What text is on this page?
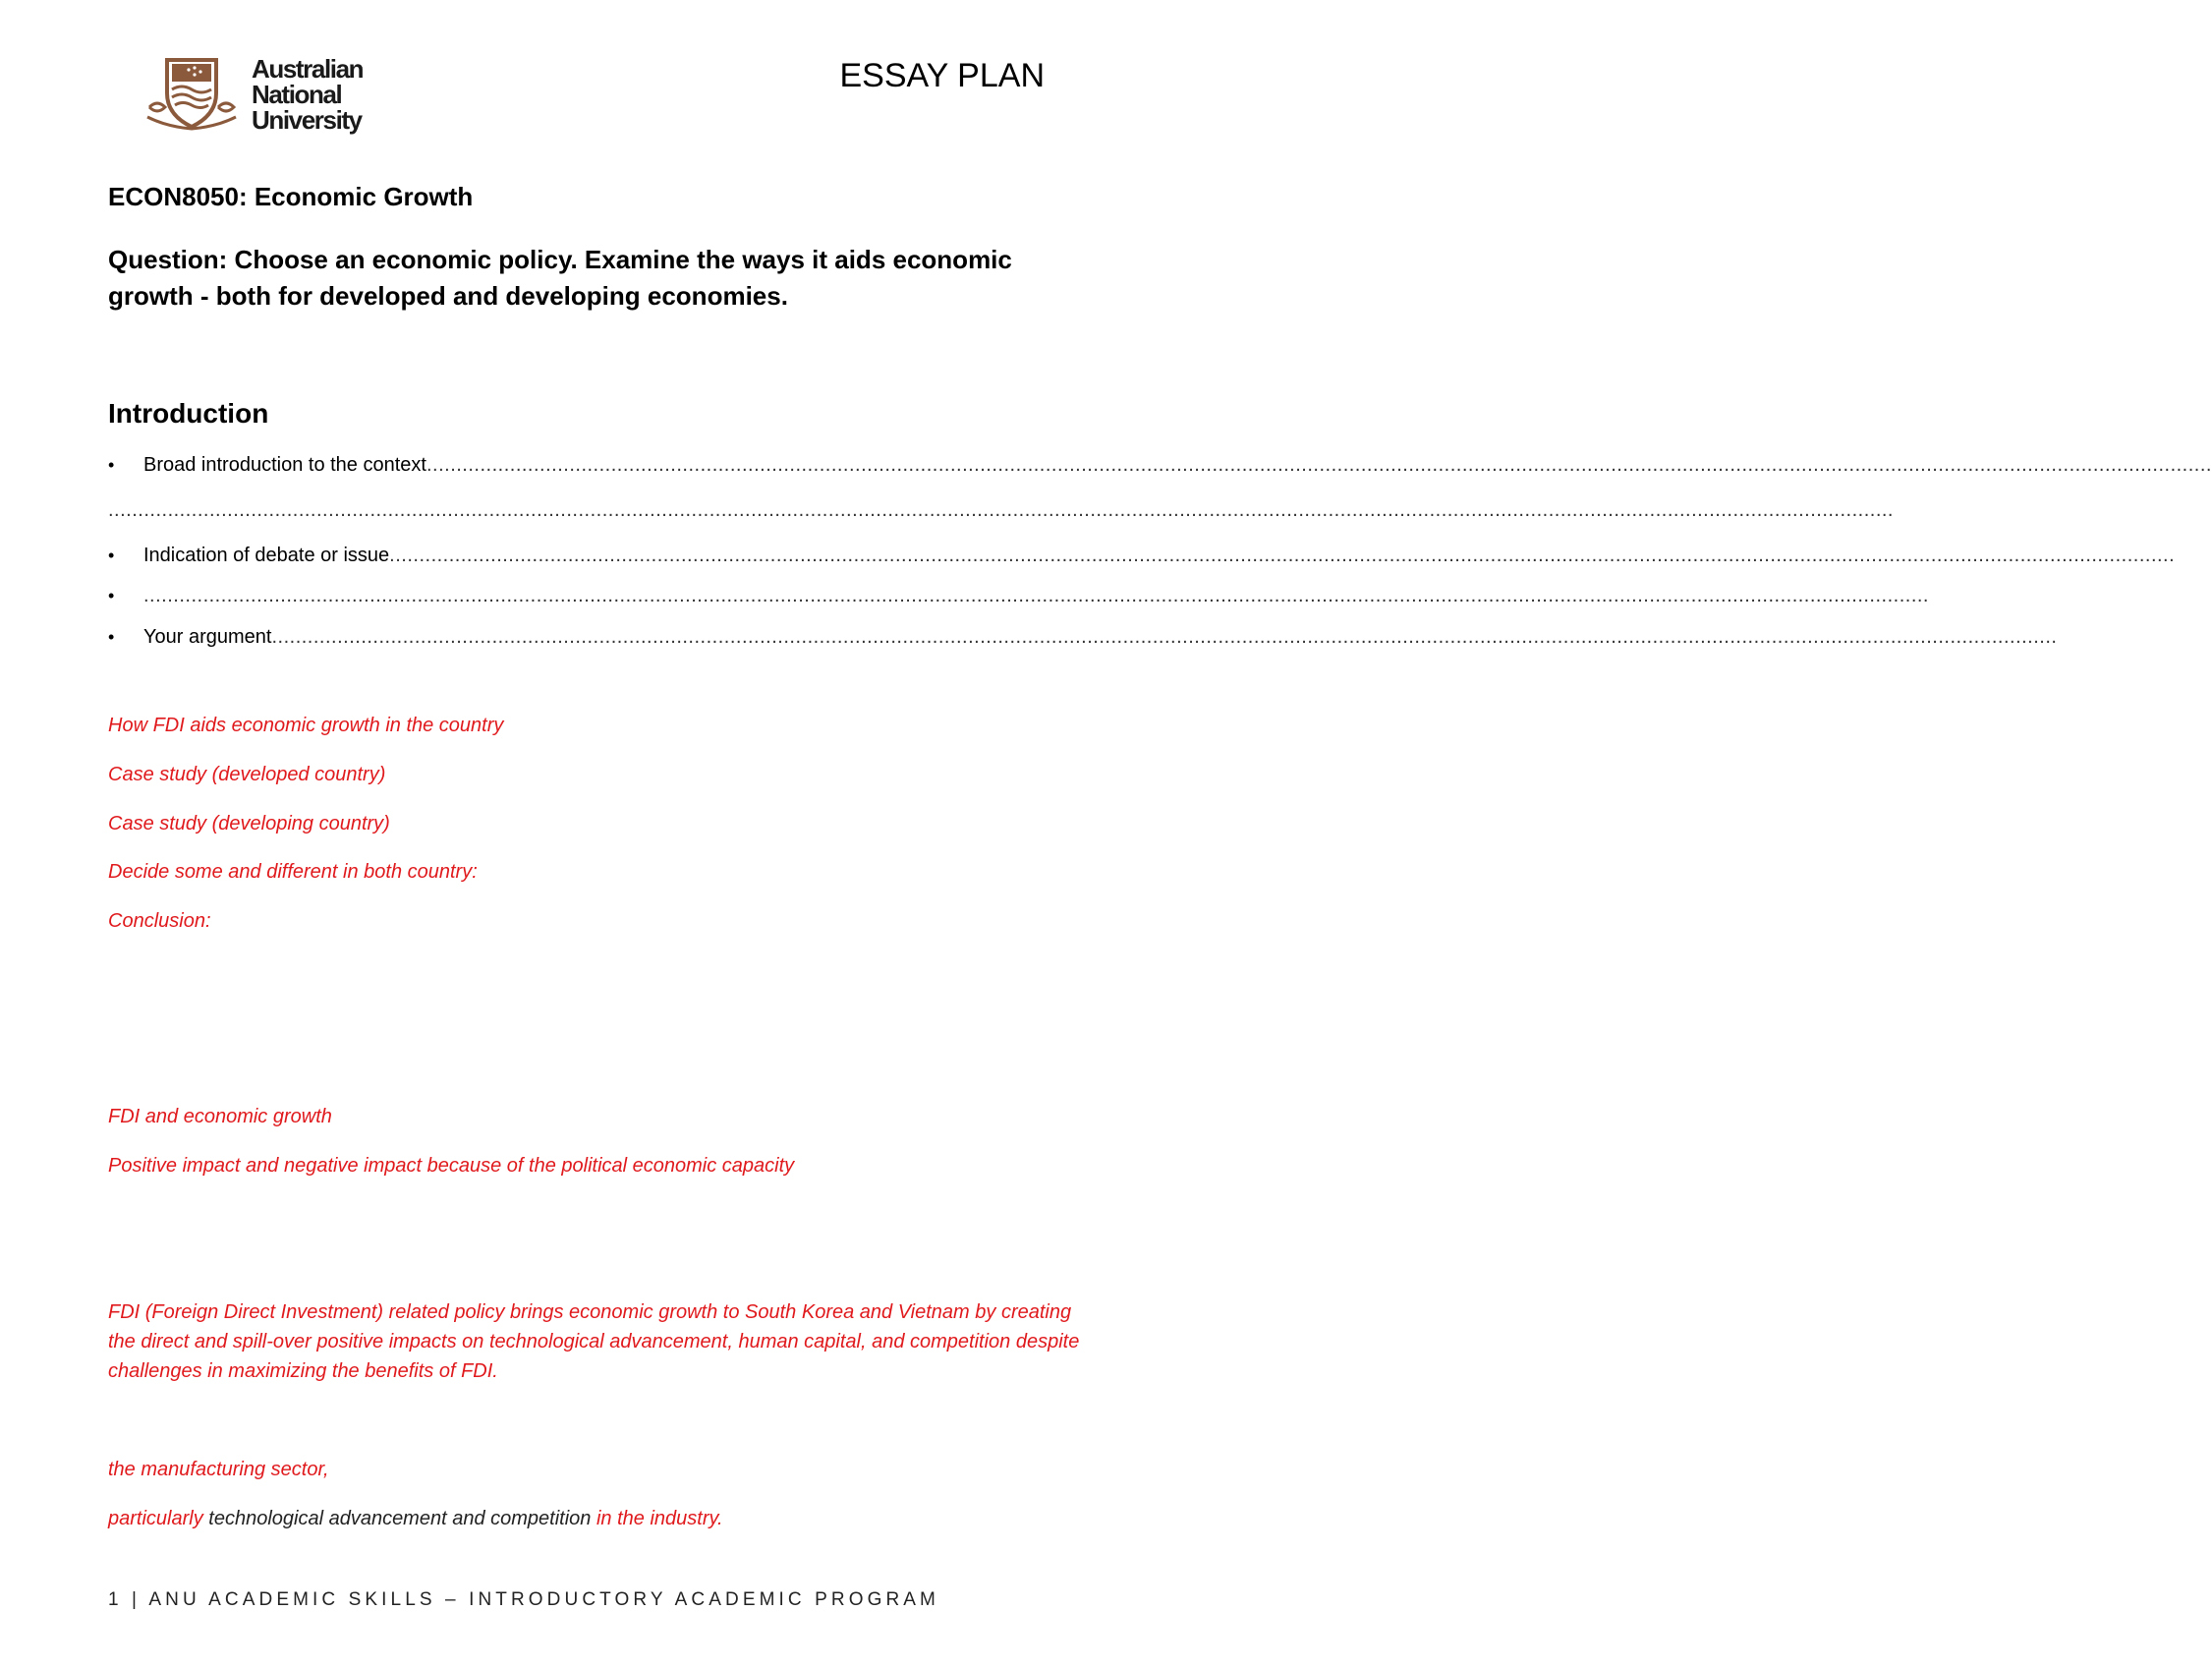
Australian
National
University
ESSAY PLAN
ECON8050: Economic Growth
Question: Choose an economic policy. Examine the ways it aids economic growth - both for developed and developing economies.
Introduction
• Broad introduction to the context ............................................................................................................................................................................................................................................................................................................
............................................................................................................................................................................................................................................................................................................
• Indication of debate or issue ............................................................................................................................................................................................................................................................................................................
• ............................................................................................................................................................................................................................................................................................................
• Your argument ............................................................................................................................................................................................................................................................................................................
How FDI aids economic growth in the country
Case study (developed country)
Case study (developing country)
Decide some and different in both country:
Conclusion:
FDI and economic growth
Positive impact and negative impact because of the political economic capacity
FDI (Foreign Direct Investment) related policy brings economic growth to South Korea and Vietnam by creating the direct and spill-over positive impacts on technological advancement, human capital, and competition despite challenges in maximizing the benefits of FDI.
the manufacturing sector,
particularly technological advancement and competition in the industry.
1 | ANU ACADEMIC SKILLS – INTRODUCTORY ACADEMIC PROGRAM
